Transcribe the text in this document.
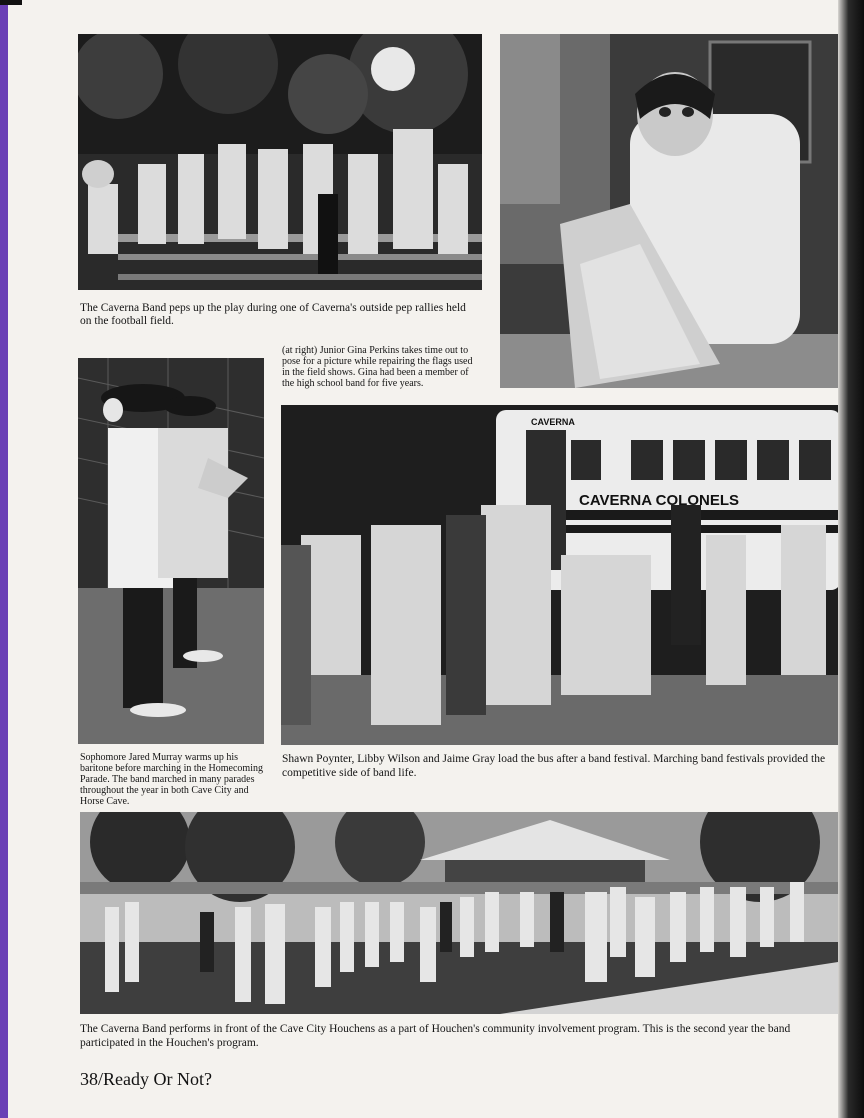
The Caverna Band peps up the play during one of Caverna's outside pep rallies held on the football field.
(at right) Junior Gina Perkins takes time out to pose for a picture while repairing the flags used in the field shows. Gina had been a member of the high school band for five years.
Sophomore Jared Murray warms up his baritone before marching in the Homecoming Parade. The band marched in many parades throughout the year in both Cave City and Horse Cave.
CAVERNA COLONELS
CAVERNA
Shawn Poynter, Libby Wilson and Jaime Gray load the bus after a band festival. Marching band festivals provided the competitive side of band life.
The Caverna Band performs in front of the Cave City Houchens as a part of Houchen's community involvement program. This is the second year the band participated in the Houchen's program.
38/Ready Or Not?
